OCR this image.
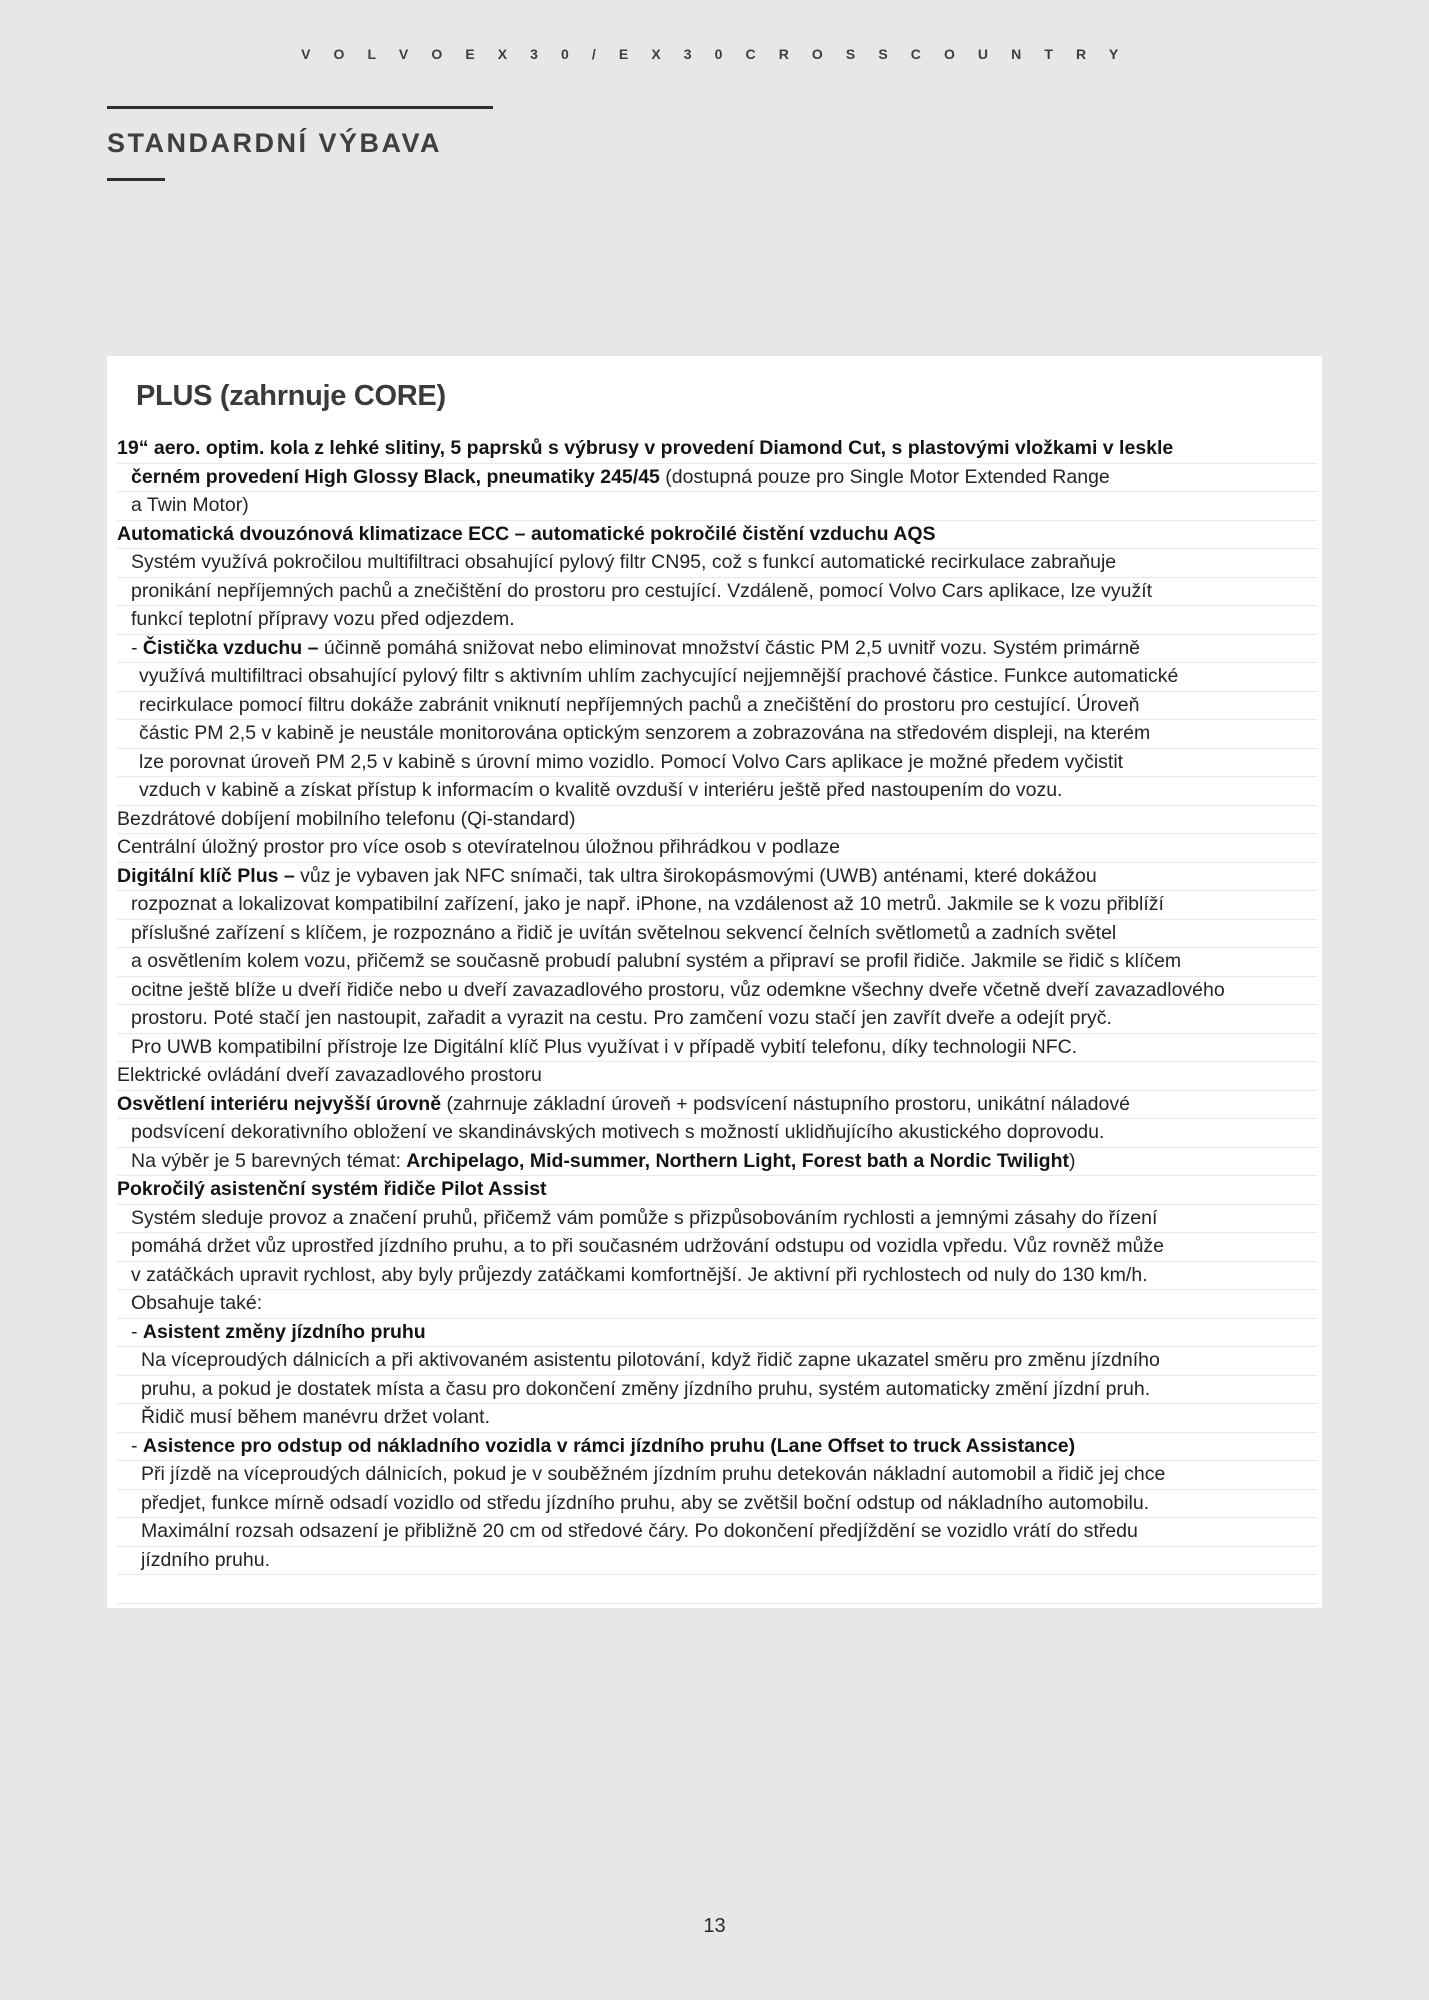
V O L V O E X 3 0 / E X 3 0 C R O S S C O U N T R Y
STANDARDNÍ VÝBAVA
PLUS (zahrnuje CORE)
19“ aero. optim. kola z lehké slitiny, 5 paprsků s výbrusy v provedení Diamond Cut, s plastovými vložkami v leskle
černém provedení High Glossy Black, pneumatiky 245/45 (dostupná pouze pro Single Motor Extended Range
a Twin Motor)
Automatická dvouzónová klimatizace ECC – automatické pokročilé čistění vzduchu AQS
Systém využívá pokročilou multifiltraci obsahující pylový filtr CN95, což s funkcí automatické recirkulace zabraňuje
pronikání nepříjemných pachů a znečištění do prostoru pro cestující. Vzdáleně, pomocí Volvo Cars aplikace, lze využít
funkcí teplotní přípravy vozu před odjezdem.
- Čistička vzduchu – účinně pomáhá snižovat nebo eliminovat množství částic PM 2,5 uvnitř vozu. Systém primárně
využívá multifiltraci obsahující pylový filtr s aktivním uhlím zachycující nejjemnější prachové částice. Funkce automatické
recirkulace pomocí filtru dokáže zabránit vniknutí nepříjemných pachů a znečištění do prostoru pro cestující. Úroveň
částic PM 2,5 v kabině je neustále monitorována optickým senzorem a zobrazována na středovém displeji, na kterém
lze porovnat úroveň PM 2,5 v kabině s úrovní mimo vozidlo. Pomocí Volvo Cars aplikace je možné předem vyčistit
vzduch v kabině a získat přístup k informacím o kvalitě ovzduší v interiéru ještě před nastoupením do vozu.
Bezdrátové dobíjení mobilního telefonu (Qi-standard)
Centrální úložný prostor pro více osob s otevíratelnou úložnou přihrádkou v podlaze
Digitální klíč Plus – vůz je vybaven jak NFC snímači, tak ultra širokopásmovými (UWB) anténami, které dokážou
rozpoznat a lokalizovat kompatibilní zařízení, jako je např. iPhone, na vzdálenost až 10 metrů. Jakmile se k vozu přiblíží
příslušné zařízení s klíčem, je rozpoznáno a řidič je uvítán světelnou sekvencí čelních světlometů a zadních světel
a osvětlením kolem vozu, přičemž se současně probudí palubní systém a připraví se profil řidiče. Jakmile se řidič s klíčem
ocitne ještě blíže u dveří řidiče nebo u dveří zavazadlového prostoru, vůz odemkne všechny dveře včetně dveří zavazadlového
prostoru. Poté stačí jen nastoupit, zařadit a vyrazit na cestu. Pro zamčení vozu stačí jen zavřít dveře a odejít pryč.
Pro UWB kompatibilní přístroje lze Digitální klíč Plus využívat i v případě vybití telefonu, díky technologii NFC.
Elektrické ovládání dveří zavazadlového prostoru
Osvětlení interiéru nejvyšší úrovně (zahrnuje základní úroveň + podsvícení nástupního prostoru, unikátní náladové
podsvícení dekorativního obložení ve skandinávských motivech s možností uklidňujícího akustického doprovodu.
Na výběr je 5 barevných témat: Archipelago, Mid-summer, Northern Light, Forest bath a Nordic Twilight)
Pokročilý asistenční systém řidiče Pilot Assist
Systém sleduje provoz a značení pruhů, přičemž vám pomůže s přizpůsobováním rychlosti a jemnými zásahy do řízení
pomáhá držet vůz uprostřed jízdního pruhu, a to při současném udržování odstupu od vozidla vpředu. Vůz rovněž může
v zatáčkách upravit rychlost, aby byly průjezdy zatáčkami komfortnější. Je aktivní při rychlostech od nuly do 130 km/h.
Obsahuje také:
- Asistent změny jízdního pruhu
Na víceproudých dálnicích a při aktivovaném asistentu pilotování, když řidič zapne ukazatel směru pro změnu jízdního
pruhu, a pokud je dostatek místa a času pro dokončení změny jízdního pruhu, systém automaticky změní jízdní pruh.
Řidič musí během manévru držet volant.
- Asistence pro odstup od nákladního vozidla v rámci jízdního pruhu (Lane Offset to truck Assistance)
Při jízdě na víceproudých dálnicích, pokud je v souběžném jízdním pruhu detekován nákladní automobil a řidič jej chce
předjet, funkce mírně odsadí vozidlo od středu jízdního pruhu, aby se zvětšil boční odstup od nákladního automobilu.
Maximální rozsah odsazení je přibližně 20 cm od středové čáry. Po dokončení předjíždění se vozidlo vrátí do středu
jízdního pruhu.
13
